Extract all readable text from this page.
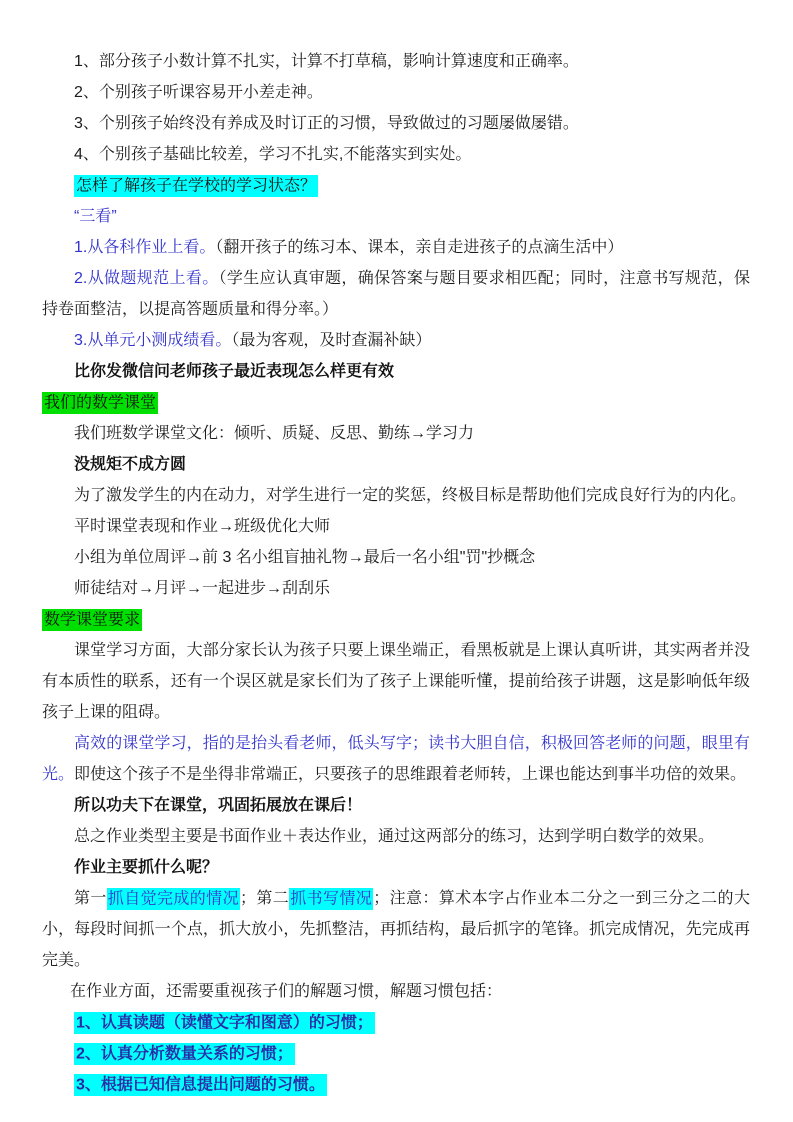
1、部分孩子小数计算不扎实，计算不打草稿，影响计算速度和正确率。

2、个别孩子听课容易开小差走神。

3、个别孩子始终没有养成及时订正的习惯，导致做过的习题屡做屡错。

4、个别孩子基础比较差，学习不扎实,不能落实到实处。

怎样了解孩子在学校的学习状态？

“三看”

1.从各科作业上看。（翻开孩子的练习本、课本，亲自走进孩子的点滴生活中）

2.从做题规范上看。（学生应认真审题，确保答案与题目要求相匹配；同时，注意书写规范，保持卷面整洁，以提高答题质量和得分率。）

3.从单元小测成绩看。（最为客观，及时查漏补缺）

比你发微信问老师孩子最近表现怎么样更有效

我们的数学课堂

我们班数学课堂文化：倾听、质疑、反思、勤练→学习力

没规矩不成方圆

为了激发学生的内在动力，对学生进行一定的奖惩，终极目标是帮助他们完成良好行为的内化。

平时课堂表现和作业→班级优化大师

小组为单位周评→前 3 名小组盲抽礼物→最后一名小组"罚"抄概念

师徒结对→月评→一起进步→刮刮乐

数学课堂要求

课堂学习方面，大部分家长认为孩子只要上课坐端正，看黑板就是上课认真听讲，其实两者并没有本质性的联系，还有一个误区就是家长们为了孩子上课能听懂，提前给孩子讲题，这是影响低年级孩子上课的阻碍。

高效的课堂学习，指的是抬头看老师，低头写字；读书大胆自信，积极回答老师的问题，眼里有光。即使这个孩子不是坐得非常端正，只要孩子的思维跟着老师转，上课也能达到事半功倍的效果。

所以功夫下在课堂，巩固拓展放在课后！

总之作业类型主要是书面作业＋表达作业，通过这两部分的练习，达到学明白数学的效果。

作业主要抓什么呢？

第一抓自觉完成的情况；第二抓书写情况；注意：算术本字占作业本二分之一到三分之二的大小，每段时间抓一个点，抓大放小，先抓整洁，再抓结构，最后抓字的笔锋。抓完成情况，先完成再完美。

在作业方面，还需要重视孩子们的解题习惯，解题习惯包括：

1、认真读题（读懂文字和图意）的习惯；

2、认真分析数量关系的习惯；

3、根据已知信息提出问题的习惯。
